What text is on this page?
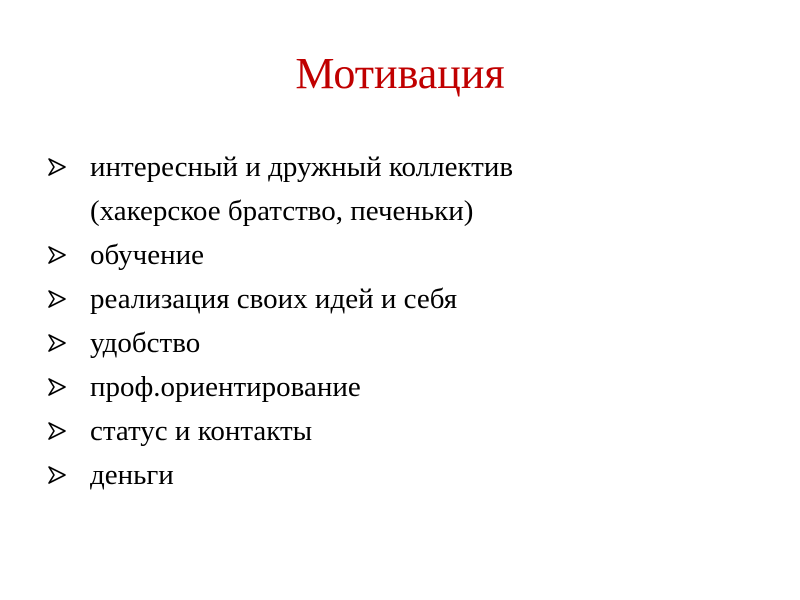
Мотивация
интересный и дружный коллектив
(хакерское братство, печеньки)
обучение
реализация своих идей и себя
удобство
проф.ориентирование
статус и контакты
деньги
